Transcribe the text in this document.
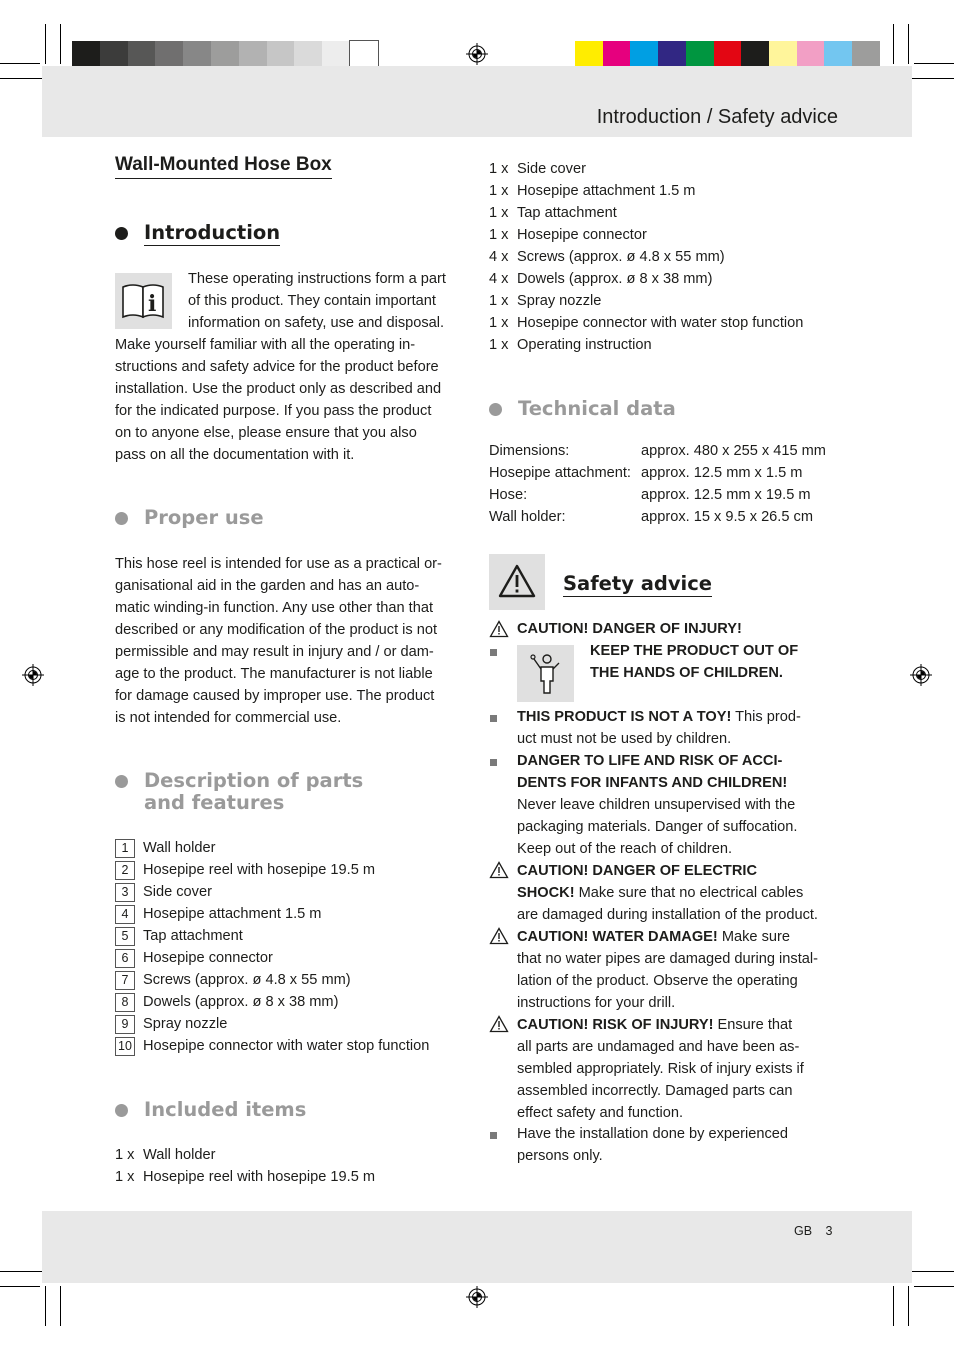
Introduction / Safety advice
GB 3
Wall-Mounted Hose Box
Introduction
i
These operating instructions form a part
of this product. They contain important
information on safety, use and disposal.
Make yourself familiar with all the operating in-
structions and safety advice for the product before
installation. Use the product only as described and
for the indicated purpose. If you pass the product
on to anyone else, please ensure that you also
pass on all the documentation with it.
Proper use
This hose reel is intended for use as a practical or-
ganisational aid in the garden and has an auto-
matic winding-in function. Any use other than that
described or any modification of the product is not
permissible and may result in injury and / or dam-
age to the product. The manufacturer is not liable
for damage caused by improper use. The product
is not intended for commercial use.
Description of parts
and features
1 Wall holder
2 Hosepipe reel with hosepipe 19.5 m
3 Side cover
4 Hosepipe attachment 1.5 m
5 Tap attachment
6 Hosepipe connector
7 Screws (approx. ø 4.8 x 55 mm)
8 Dowels (approx. ø 8 x 38 mm)
9 Spray nozzle
10 Hosepipe connector with water stop function
Included items
1 x Wall holder
1 x Hosepipe reel with hosepipe 19.5 m
1 x Side cover
1 x Hosepipe attachment 1.5 m
1 x Tap attachment
1 x Hosepipe connector
4 x Screws (approx. ø 4.8 x 55 mm)
4 x Dowels (approx. ø 8 x 38 mm)
1 x Spray nozzle
1 x Hosepipe connector with water stop function
1 x Operating instruction
Technical data
Dimensions:	approx. 480 x 255 x 415 mm
Hosepipe attachment: approx. 12.5 mm x 1.5 m
Hose:	approx. 12.5 mm x 19.5 m
Wall holder:	approx. 15 x 9.5 x 26.5 cm
Safety advice
CAUTION! DANGER OF INJURY!
KEEP THE PRODUCT OUT OF
THE HANDS OF CHILDREN.
THIS PRODUCT IS NOT A TOY! This prod-
uct must not be used by children.
DANGER TO LIFE AND RISK OF ACCI-
DENTS FOR INFANTS AND CHILDREN!
Never leave children unsupervised with the
packaging materials. Danger of suffocation.
Keep out of the reach of children.
CAUTION! DANGER OF ELECTRIC
SHOCK! Make sure that no electrical cables
are damaged during installation of the product.
CAUTION! WATER DAMAGE! Make sure
that no water pipes are damaged during instal-
lation of the product. Observe the operating
instructions for your drill.
CAUTION! RISK OF INJURY! Ensure that
all parts are undamaged and have been as-
sembled appropriately. Risk of injury exists if
assembled incorrectly. Damaged parts can
effect safety and function.
Have the installation done by experienced
persons only.
